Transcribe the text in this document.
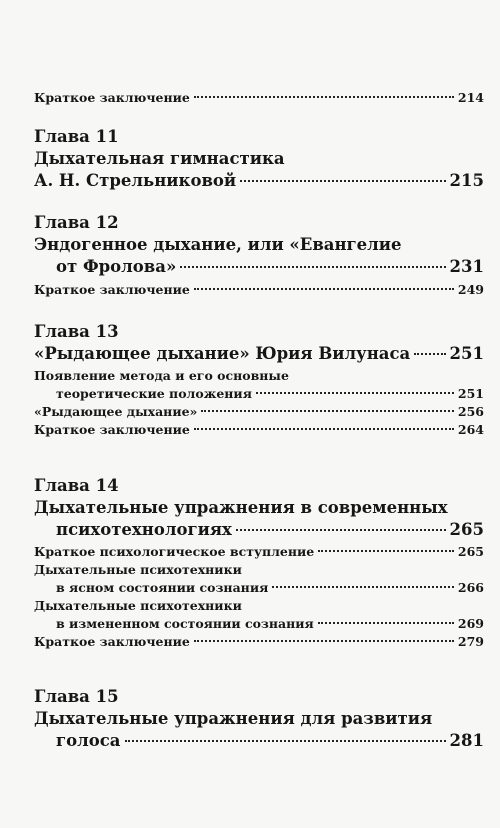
Краткое заключение	214
Глава 11
Дыхательная гимнастика
А. Н. Стрельниковой	215
Глава 12
Эндогенное дыхание, или «Евангелие
от Фролова»	231
Краткое заключение	249
Глава 13
«Рыдающее дыхание» Юрия Вилунаса 251
Появление метода и его основные
теоретические положения	251
«Рыдающее дыхание»	256
Краткое заключение	264
Глава 14
Дыхательные упражнения в современных
психотехнологиях	265
Краткое психологическое вступление	265
Дыхательные психотехники
в ясном состоянии сознания	266
Дыхательные психотехники
в измененном состоянии сознания	269
Краткое заключение	279
Глава 15
Дыхательные упражнения для развития
голоса	281
